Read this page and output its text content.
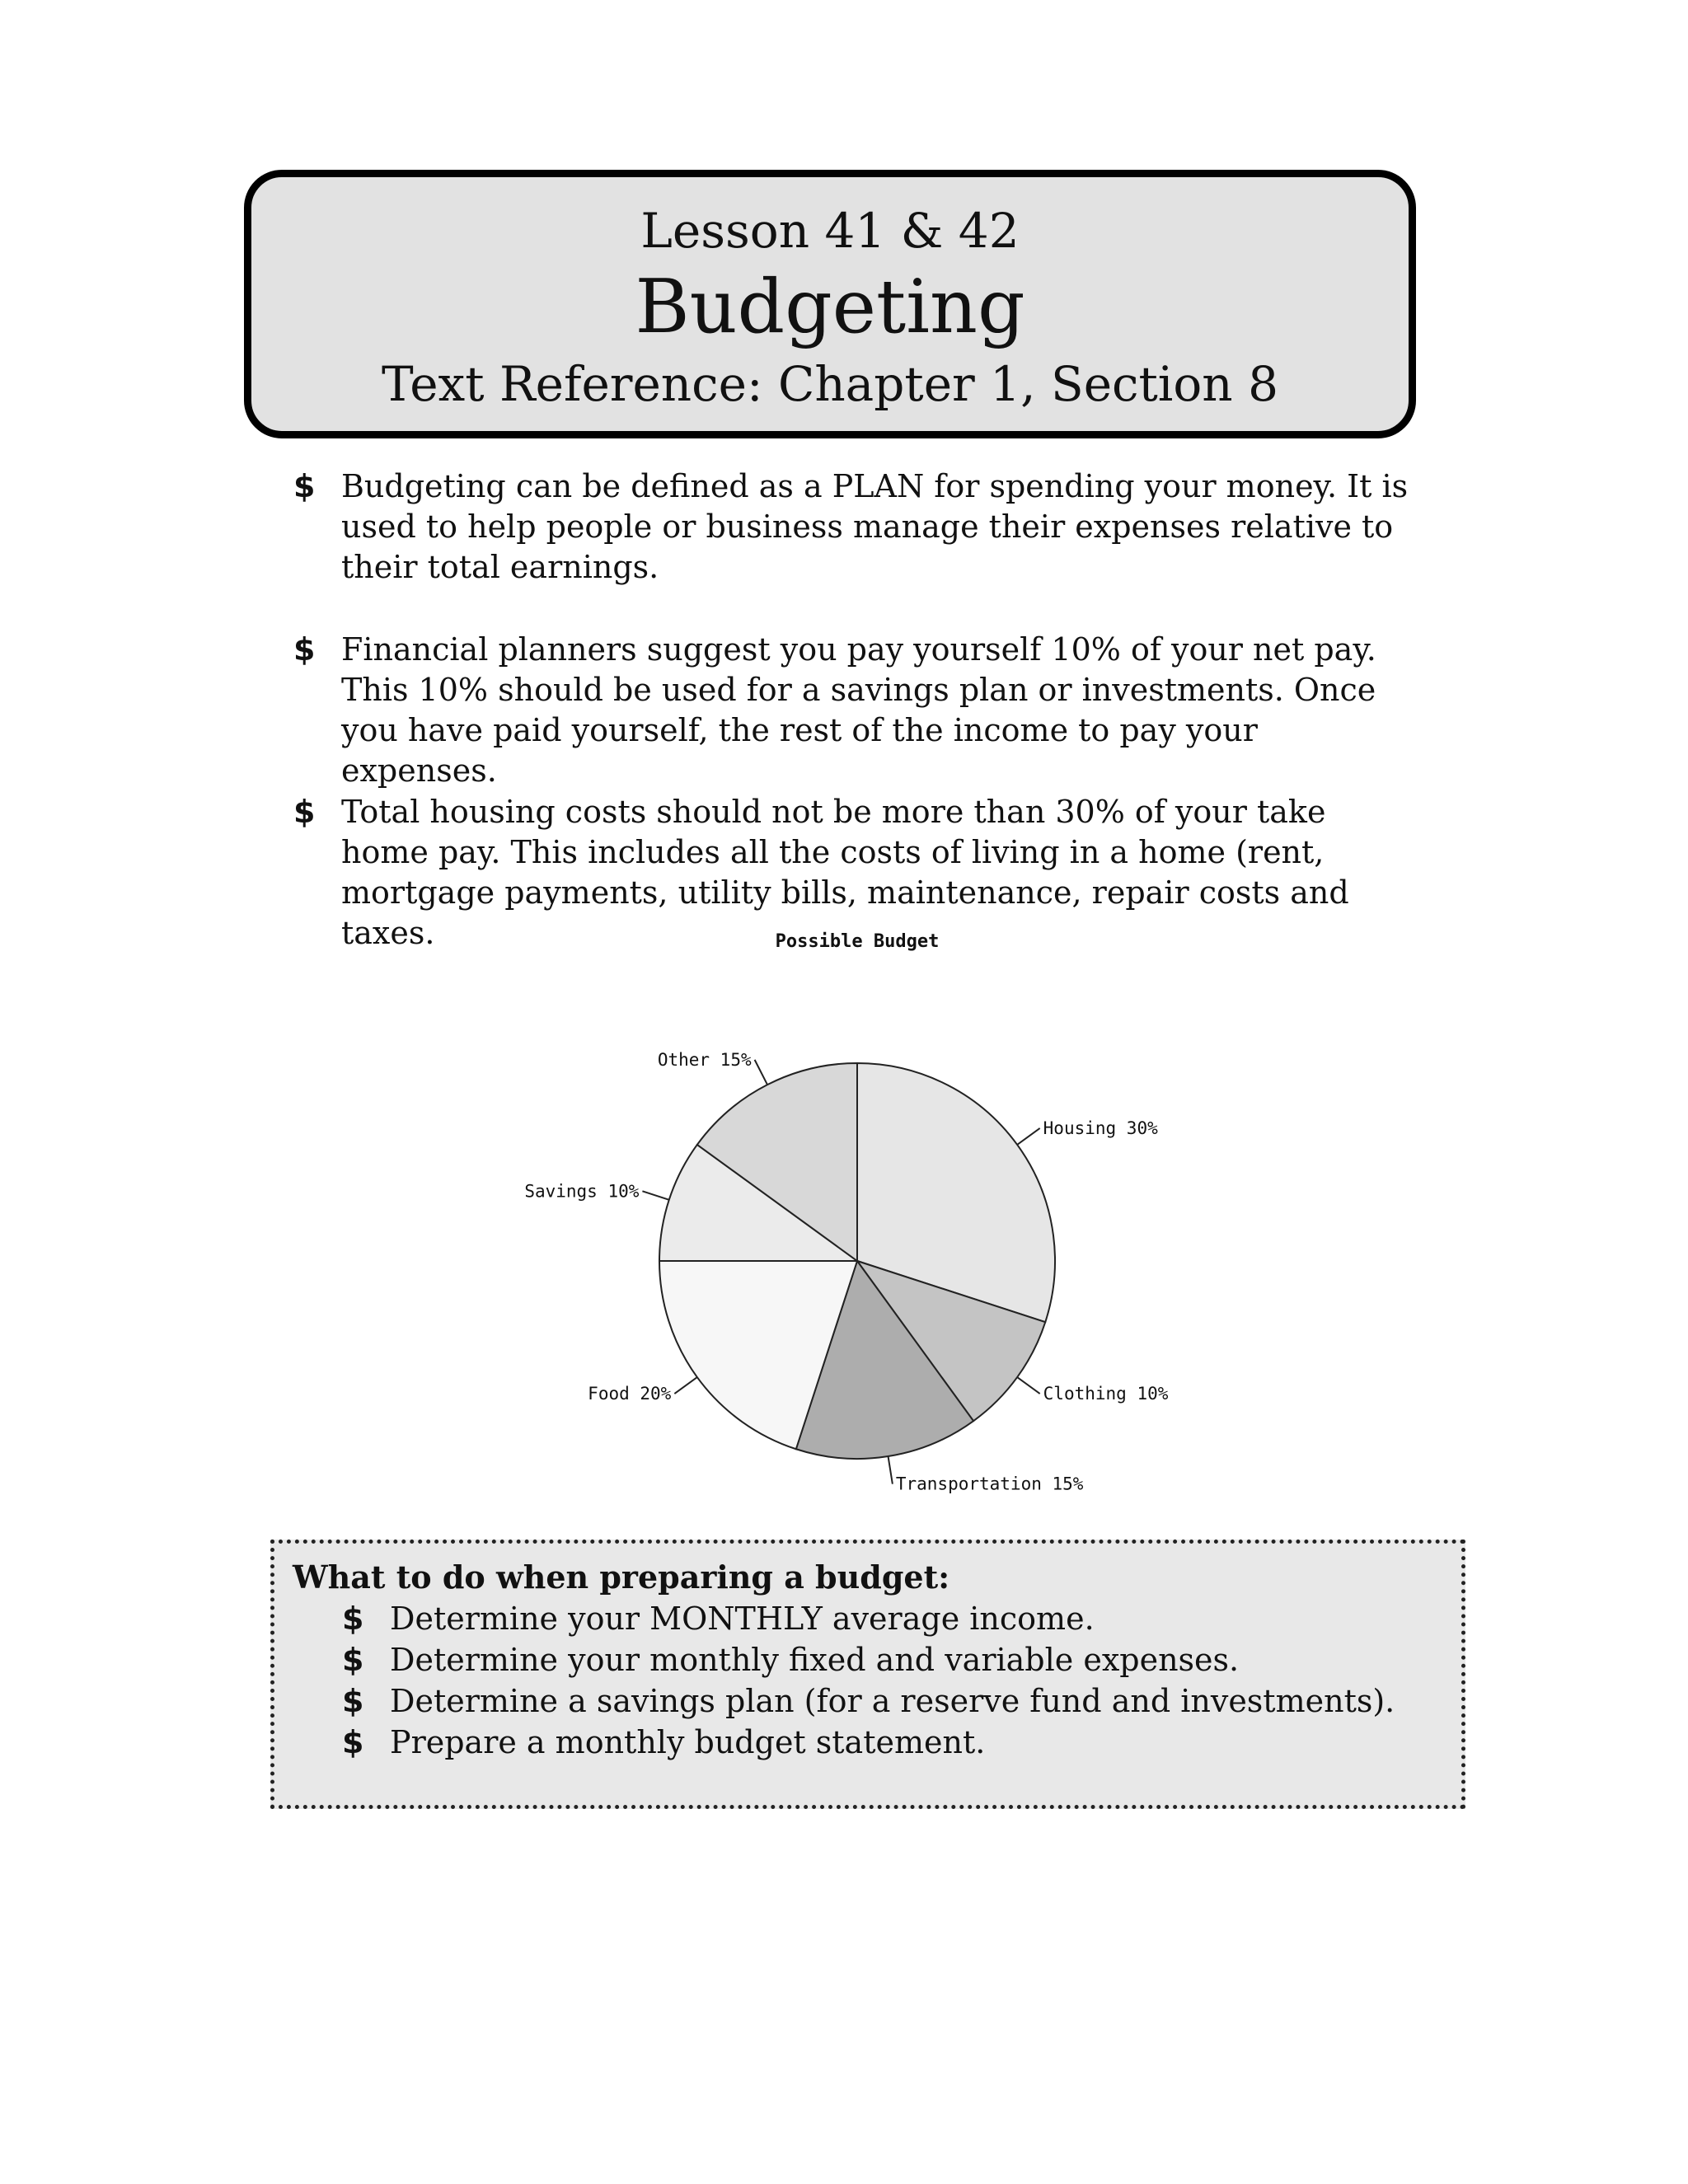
Lesson 41 & 42
Budgeting
Text Reference: Chapter 1, Section 8
$ Budgeting can be defined as a PLAN for spending your money. It is used to help people or business manage their expenses relative to their total earnings.
$ Financial planners suggest you pay yourself 10% of your net pay. This 10% should be used for a savings plan or investments. Once you have paid yourself, the rest of the income to pay your expenses.
$ Total housing costs should not be more than 30% of your take home pay. This includes all the costs of living in a home (rent, mortgage payments, utility bills, maintenance, repair costs and taxes.	Possible Budget
Housing 30%
Clothing 10%
Transportation 15%
Food 20%
Savings 10%
Other 15%
What to do when preparing a budget:
$ Determine your MONTHLY average income.
$ Determine your monthly fixed and variable expenses.
$ Determine a savings plan (for a reserve fund and investments).
$ Prepare a monthly budget statement.
